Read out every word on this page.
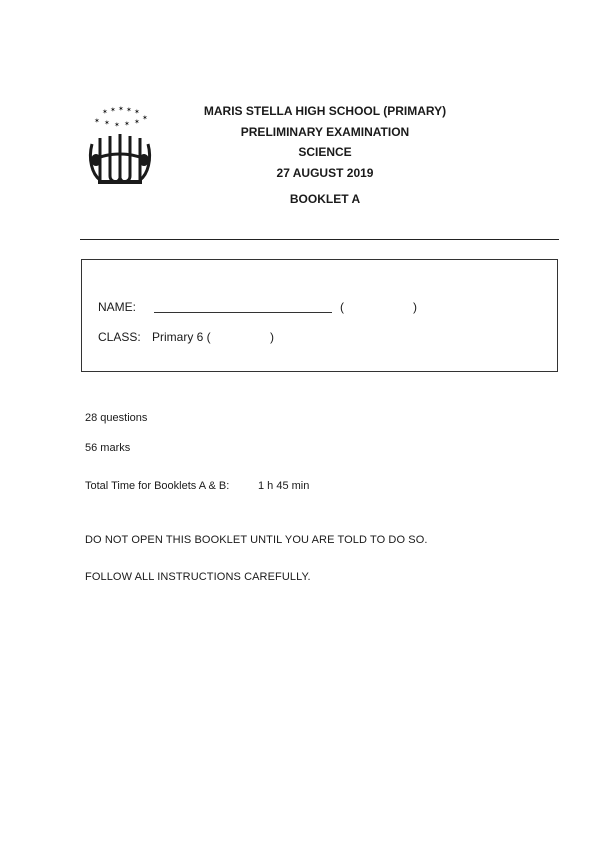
✶ ✶ ✶ ✶ ✶
✶ ✶ ✶ ✶ ✶ ✶	MARIS STELLA HIGH SCHOOL (PRIMARY)
PRELIMINARY EXAMINATION
SCIENCE
27 AUGUST 2019
BOOKLET A
NAME:	(	)
CLASS: Primary 6 (	)
28 questions
56 marks
Total Time for Booklets A & B:	1 h 45 min
DO NOT OPEN THIS BOOKLET UNTIL YOU ARE TOLD TO DO SO.
FOLLOW ALL INSTRUCTIONS CAREFULLY.
